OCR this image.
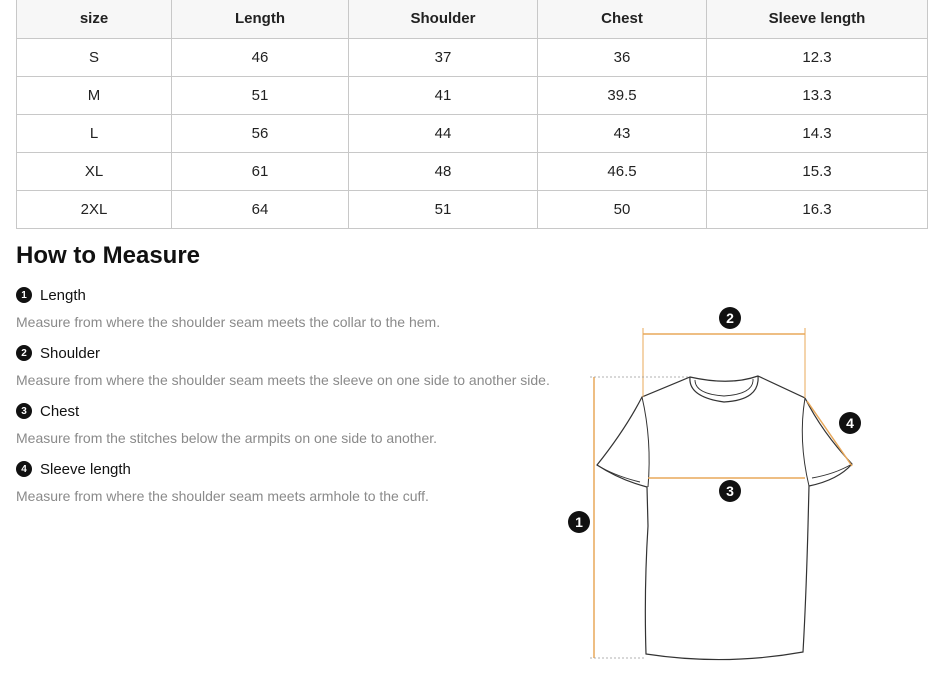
size	Length	Shoulder	Chest	Sleeve length
S	46	37	36	12.3
M	51	41	39.5	13.3
L	56	44	43	14.3
XL	61	48	46.5	15.3
2XL	64	51	50	16.3
How to Measure
1 Length
Measure from where the shoulder seam meets the collar to the hem.
2 Shoulder
Measure from where the shoulder seam meets the sleeve on one side to another side.
3 Chest
Measure from the stitches below the armpits on one side to another.
4 Sleeve length
Measure from where the shoulder seam meets armhole to the cuff.
2
1
3
4
